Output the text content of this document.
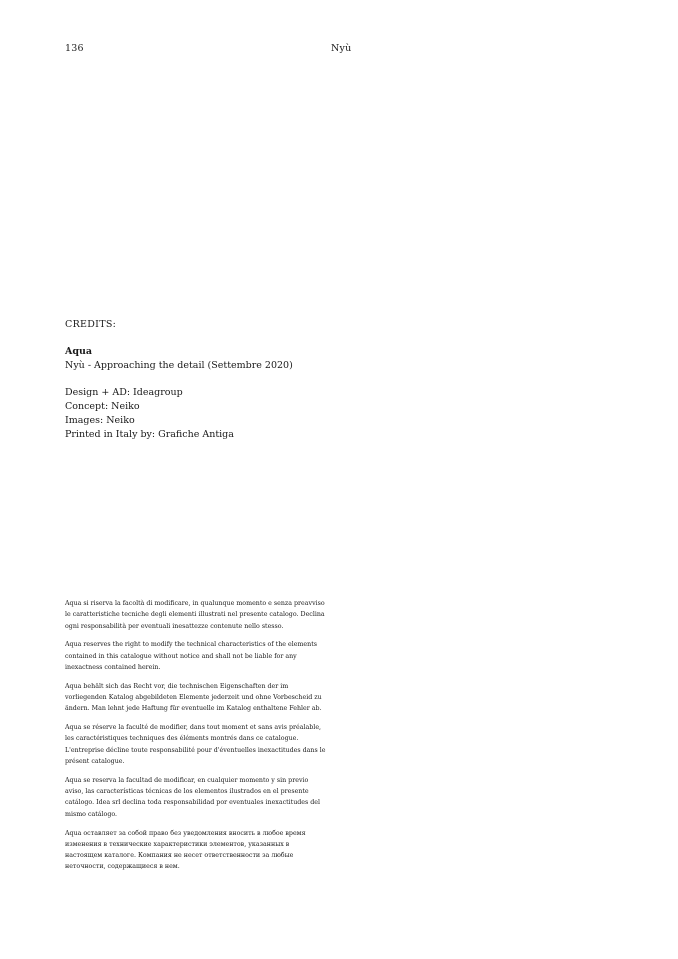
136	Nyù
CREDITS:
Aqua
Nyù - Approaching the detail (Settembre 2020)
Design + AD: Ideagroup
Concept: Neiko
Images: Neiko
Printed in Italy by: Grafiche Antiga

Aqua si riserva la facoltà di modificare, in qualunque momento e senza preavviso le caratteristiche tecniche degli elementi illustrati nel presente catalogo. Declina ogni responsabilità per eventuali inesattezze contenute nello stesso.

Aqua reserves the right to modify the technical characteristics of the elements contained in this catalogue without notice and shall not be liable for any inexactness contained herein.

Aqua behält sich das Recht vor, die technischen Eigenschaften der im vorliegenden Katalog abgebildeten Elemente jederzeit und ohne Vorbescheid zu ändern. Man lehnt jede Haftung für eventuelle im Katalog enthaltene Fehler ab.

Aqua se réserve la faculté de modifier, dans tout moment et sans avis préalable, les caractéristiques techniques des éléments montrés dans ce catalogue. L'entreprise décline toute responsabilité pour d'éventuelles inexactitudes dans le présent catalogue.

Aqua se reserva la facultad de modificar, en cualquier momento y sin previo aviso, las características técnicas de los elementos ilustrados en el presente catálogo. Idea srl declina toda responsabilidad por eventuales inexactitudes del mismo catálogo.

Aqua оставляет за собой право без уведомления вносить в любое время изменения в технические характеристики элементов, указанных в настоящем каталоге. Компания не несет ответственности за любые неточности, содержащиеся в нем.
